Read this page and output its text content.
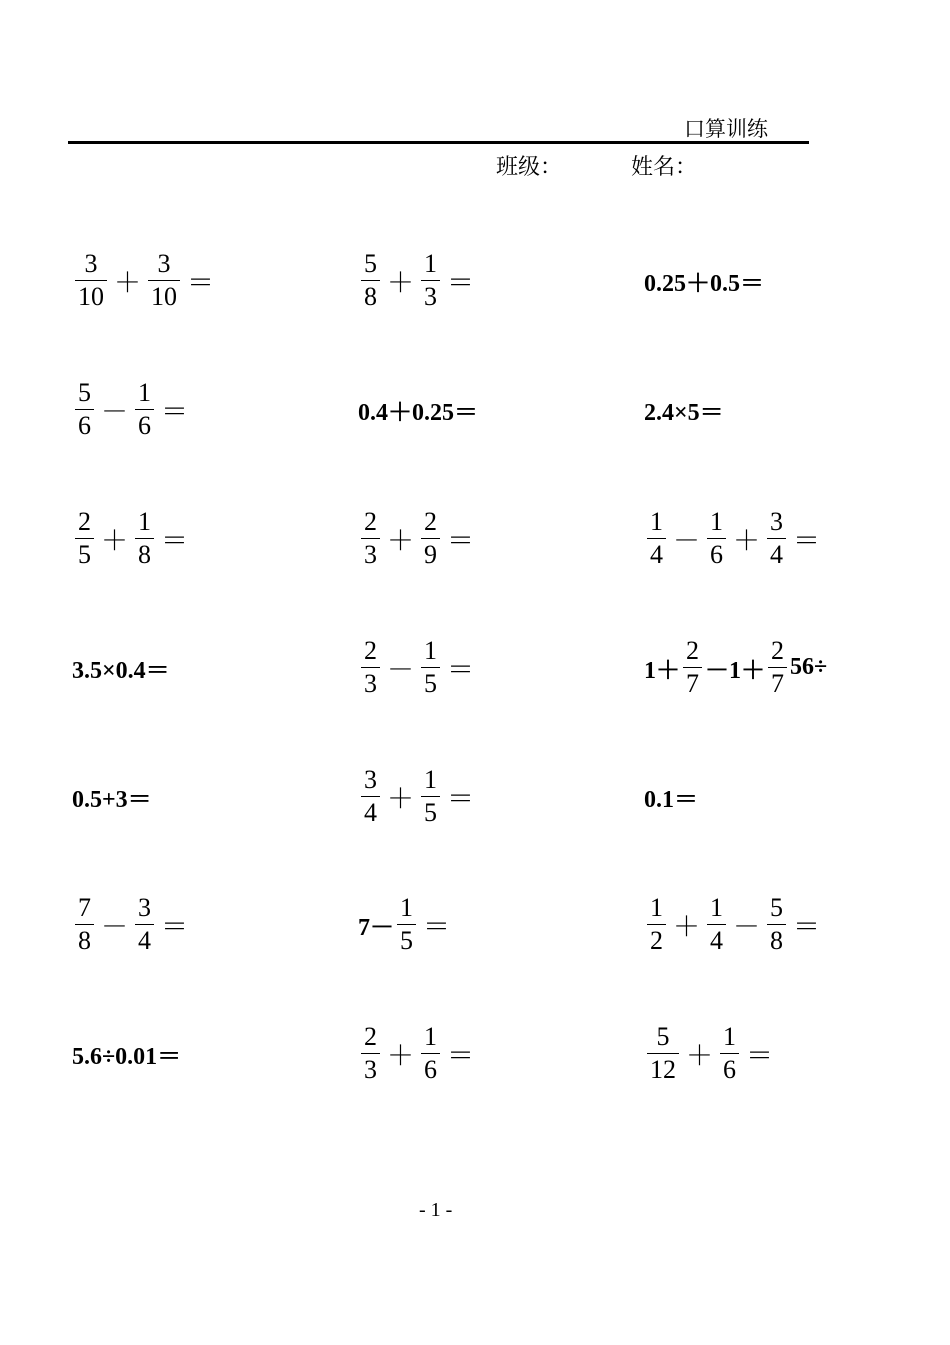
口算训练
班级：	姓名：
$\frac{3}{10} + \frac{3}{10}$ ＝	$\frac{5}{8} + \frac{1}{3}$ ＝	0.25＋0.5＝
$\frac{5}{6} - \frac{1}{6}$ ＝	0.4＋0.25＝	2.4×5＝
$\frac{2}{5} + \frac{1}{8}$ ＝	$\frac{2}{3} + \frac{2}{9}$ ＝	$\frac{1}{4} - \frac{1}{6} + \frac{3}{4}$ ＝
3.5×0.4＝	$\frac{2}{3} - \frac{1}{5}$ ＝	$1+ \frac{2}{7} -1+ \frac{2}{7} 56\div$
0.5+3＝	$\frac{3}{4} + \frac{1}{5}$ ＝	0.1＝
$\frac{7}{8} - \frac{3}{4}$ ＝	$7- \frac{1}{5}$ ＝	$\frac{1}{2} + \frac{1}{4} - \frac{5}{8}$ ＝
5.6÷0.01＝	$\frac{2}{3} + \frac{1}{6}$ ＝	$\frac{5}{12} + \frac{1}{6}$ ＝
- 1 -
